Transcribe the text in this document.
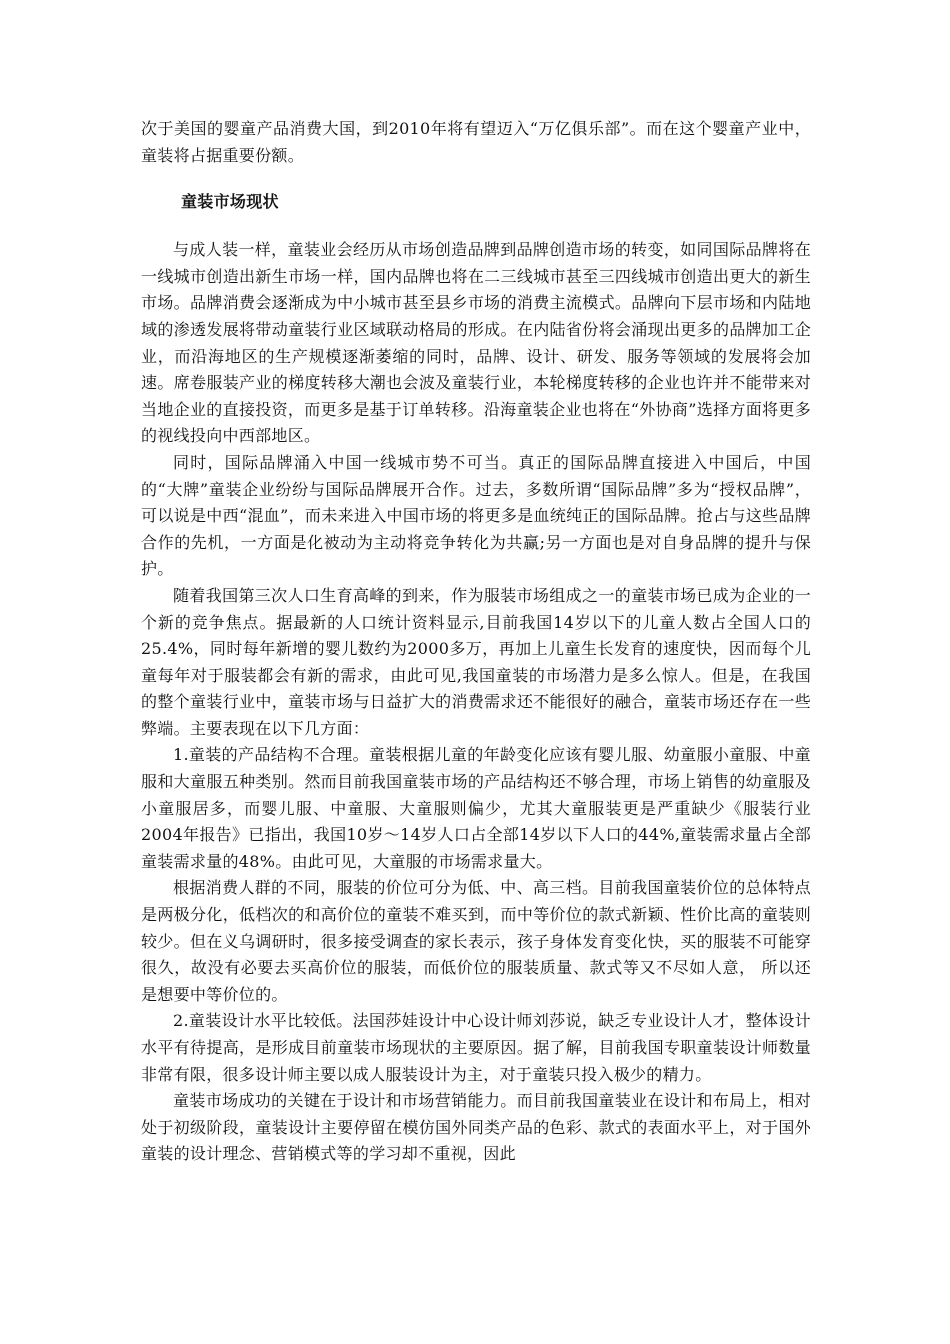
次于美国的婴童产品消费大国，到2010年将有望迈入“万亿俱乐部”。而在这个婴童产业中，童装将占据重要份额。

童装市场现状

与成人装一样，童装业会经历从市场创造品牌到品牌创造市场的转变，如同国际品牌将在一线城市创造出新生市场一样，国内品牌也将在二三线城市甚至三四线城市创造出更大的新生市场。品牌消费会逐渐成为中小城市甚至县乡市场的消费主流模式。品牌向下层市场和内陆地域的渗透发展将带动童装行业区域联动格局的形成。在内陆省份将会涌现出更多的品牌加工企业，而沿海地区的生产规模逐渐萎缩的同时，品牌、设计、研发、服务等领域的发展将会加速。席卷服装产业的梯度转移大潮也会波及童装行业，本轮梯度转移的企业也许并不能带来对当地企业的直接投资，而更多是基于订单转移。沿海童装企业也将在“外协商”选择方面将更多的视线投向中西部地区。

同时，国际品牌涌入中国一线城市势不可当。真正的国际品牌直接进入中国后，中国的“大牌”童装企业纷纷与国际品牌展开合作。过去，多数所谓“国际品牌”多为“授权品牌”，可以说是中西“混血”，而未来进入中国市场的将更多是血统纯正的国际品牌。抢占与这些品牌合作的先机，一方面是化被动为主动将竞争转化为共赢;另一方面也是对自身品牌的提升与保护。

随着我国第三次人口生育高峰的到来，作为服装市场组成之一的童装市场已成为企业的一个新的竞争焦点。据最新的人口统计资料显示,目前我国14岁以下的儿童人数占全国人口的25.4%，同时每年新增的婴儿数约为2000多万，再加上儿童生长发育的速度快，因而每个儿童每年对于服装都会有新的需求，由此可见,我国童装的市场潜力是多么惊人。但是，在我国的整个童装行业中，童装市场与日益扩大的消费需求还不能很好的融合，童装市场还存在一些弊端。主要表现在以下几方面：

1.童装的产品结构不合理。童装根据儿童的年龄变化应该有婴儿服、幼童服小童服、中童服和大童服五种类别。然而目前我国童装市场的产品结构还不够合理，市场上销售的幼童服及小童服居多，而婴儿服、中童服、大童服则偏少，尤其大童服装更是严重缺少《服装行业2004年报告》已指出，我国10岁～14岁人口占全部14岁以下人口的44%,童装需求量占全部童装需求量的48%。由此可见，大童服的市场需求量大。

根据消费人群的不同，服装的价位可分为低、中、高三档。目前我国童装价位的总体特点是两极分化，低档次的和高价位的童装不难买到，而中等价位的款式新颖、性价比高的童装则较少。但在义乌调研时，很多接受调查的家长表示，孩子身体发育变化快，买的服装不可能穿很久，故没有必要去买高价位的服装，而低价位的服装质量、款式等又不尽如人意， 所以还是想要中等价位的。

2.童装设计水平比较低。法国莎娃设计中心设计师刘莎说，缺乏专业设计人才，整体设计水平有待提高，是形成目前童装市场现状的主要原因。据了解，目前我国专职童装设计师数量非常有限，很多设计师主要以成人服装设计为主，对于童装只投入极少的精力。

童装市场成功的关键在于设计和市场营销能力。而目前我国童装业在设计和布局上，相对处于初级阶段，童装设计主要停留在模仿国外同类产品的色彩、款式的表面水平上，对于国外童装的设计理念、营销模式等的学习却不重视，因此
